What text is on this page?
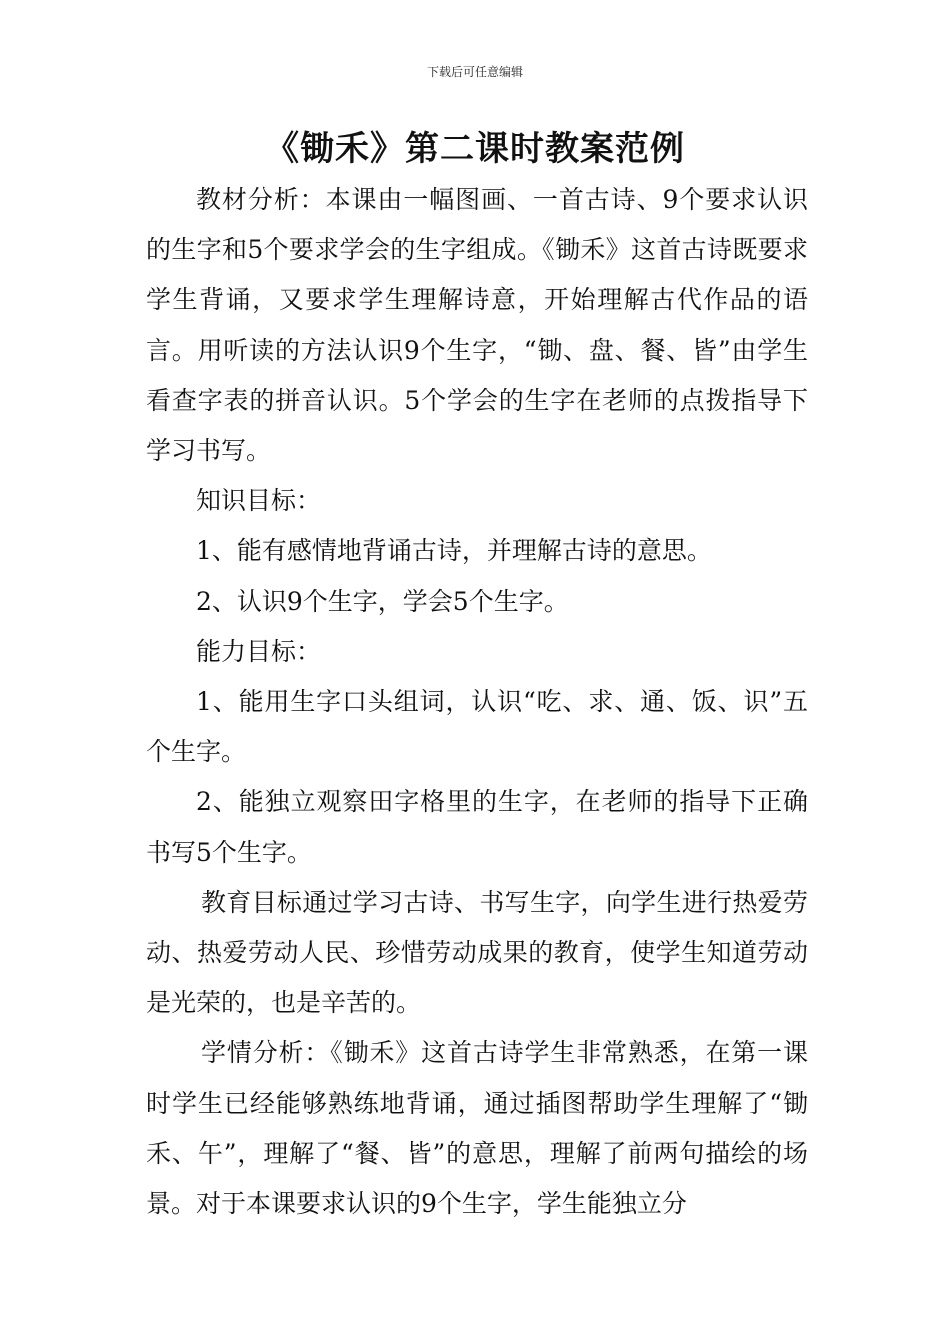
下载后可任意编辑
《锄禾》第二课时教案范例

教材分析：本课由一幅图画、一首古诗、9个要求认识的生字和5个要求学会的生字组成。《锄禾》这首古诗既要求学生背诵，又要求学生理解诗意，开始理解古代作品的语言。用听读的方法认识9个生字，“锄、盘、餐、皆”由学生看查字表的拼音认识。5个学会的生字在老师的点拨指导下学习书写。

知识目标：

1、能有感情地背诵古诗，并理解古诗的意思。

2、认识9个生字，学会5个生字。

能力目标：

1、能用生字口头组词，认识“吃、求、通、饭、识”五个生字。

2、能独立观察田字格里的生字，在老师的指导下正确书写5个生字。

教育目标通过学习古诗、书写生字，向学生进行热爱劳动、热爱劳动人民、珍惜劳动成果的教育，使学生知道劳动是光荣的，也是辛苦的。

学情分析：《锄禾》这首古诗学生非常熟悉，在第一课时学生已经能够熟练地背诵，通过插图帮助学生理解了“锄禾、午”，理解了“餐、皆”的意思，理解了前两句描绘的场景。对于本课要求认识的9个生字，学生能独立分
